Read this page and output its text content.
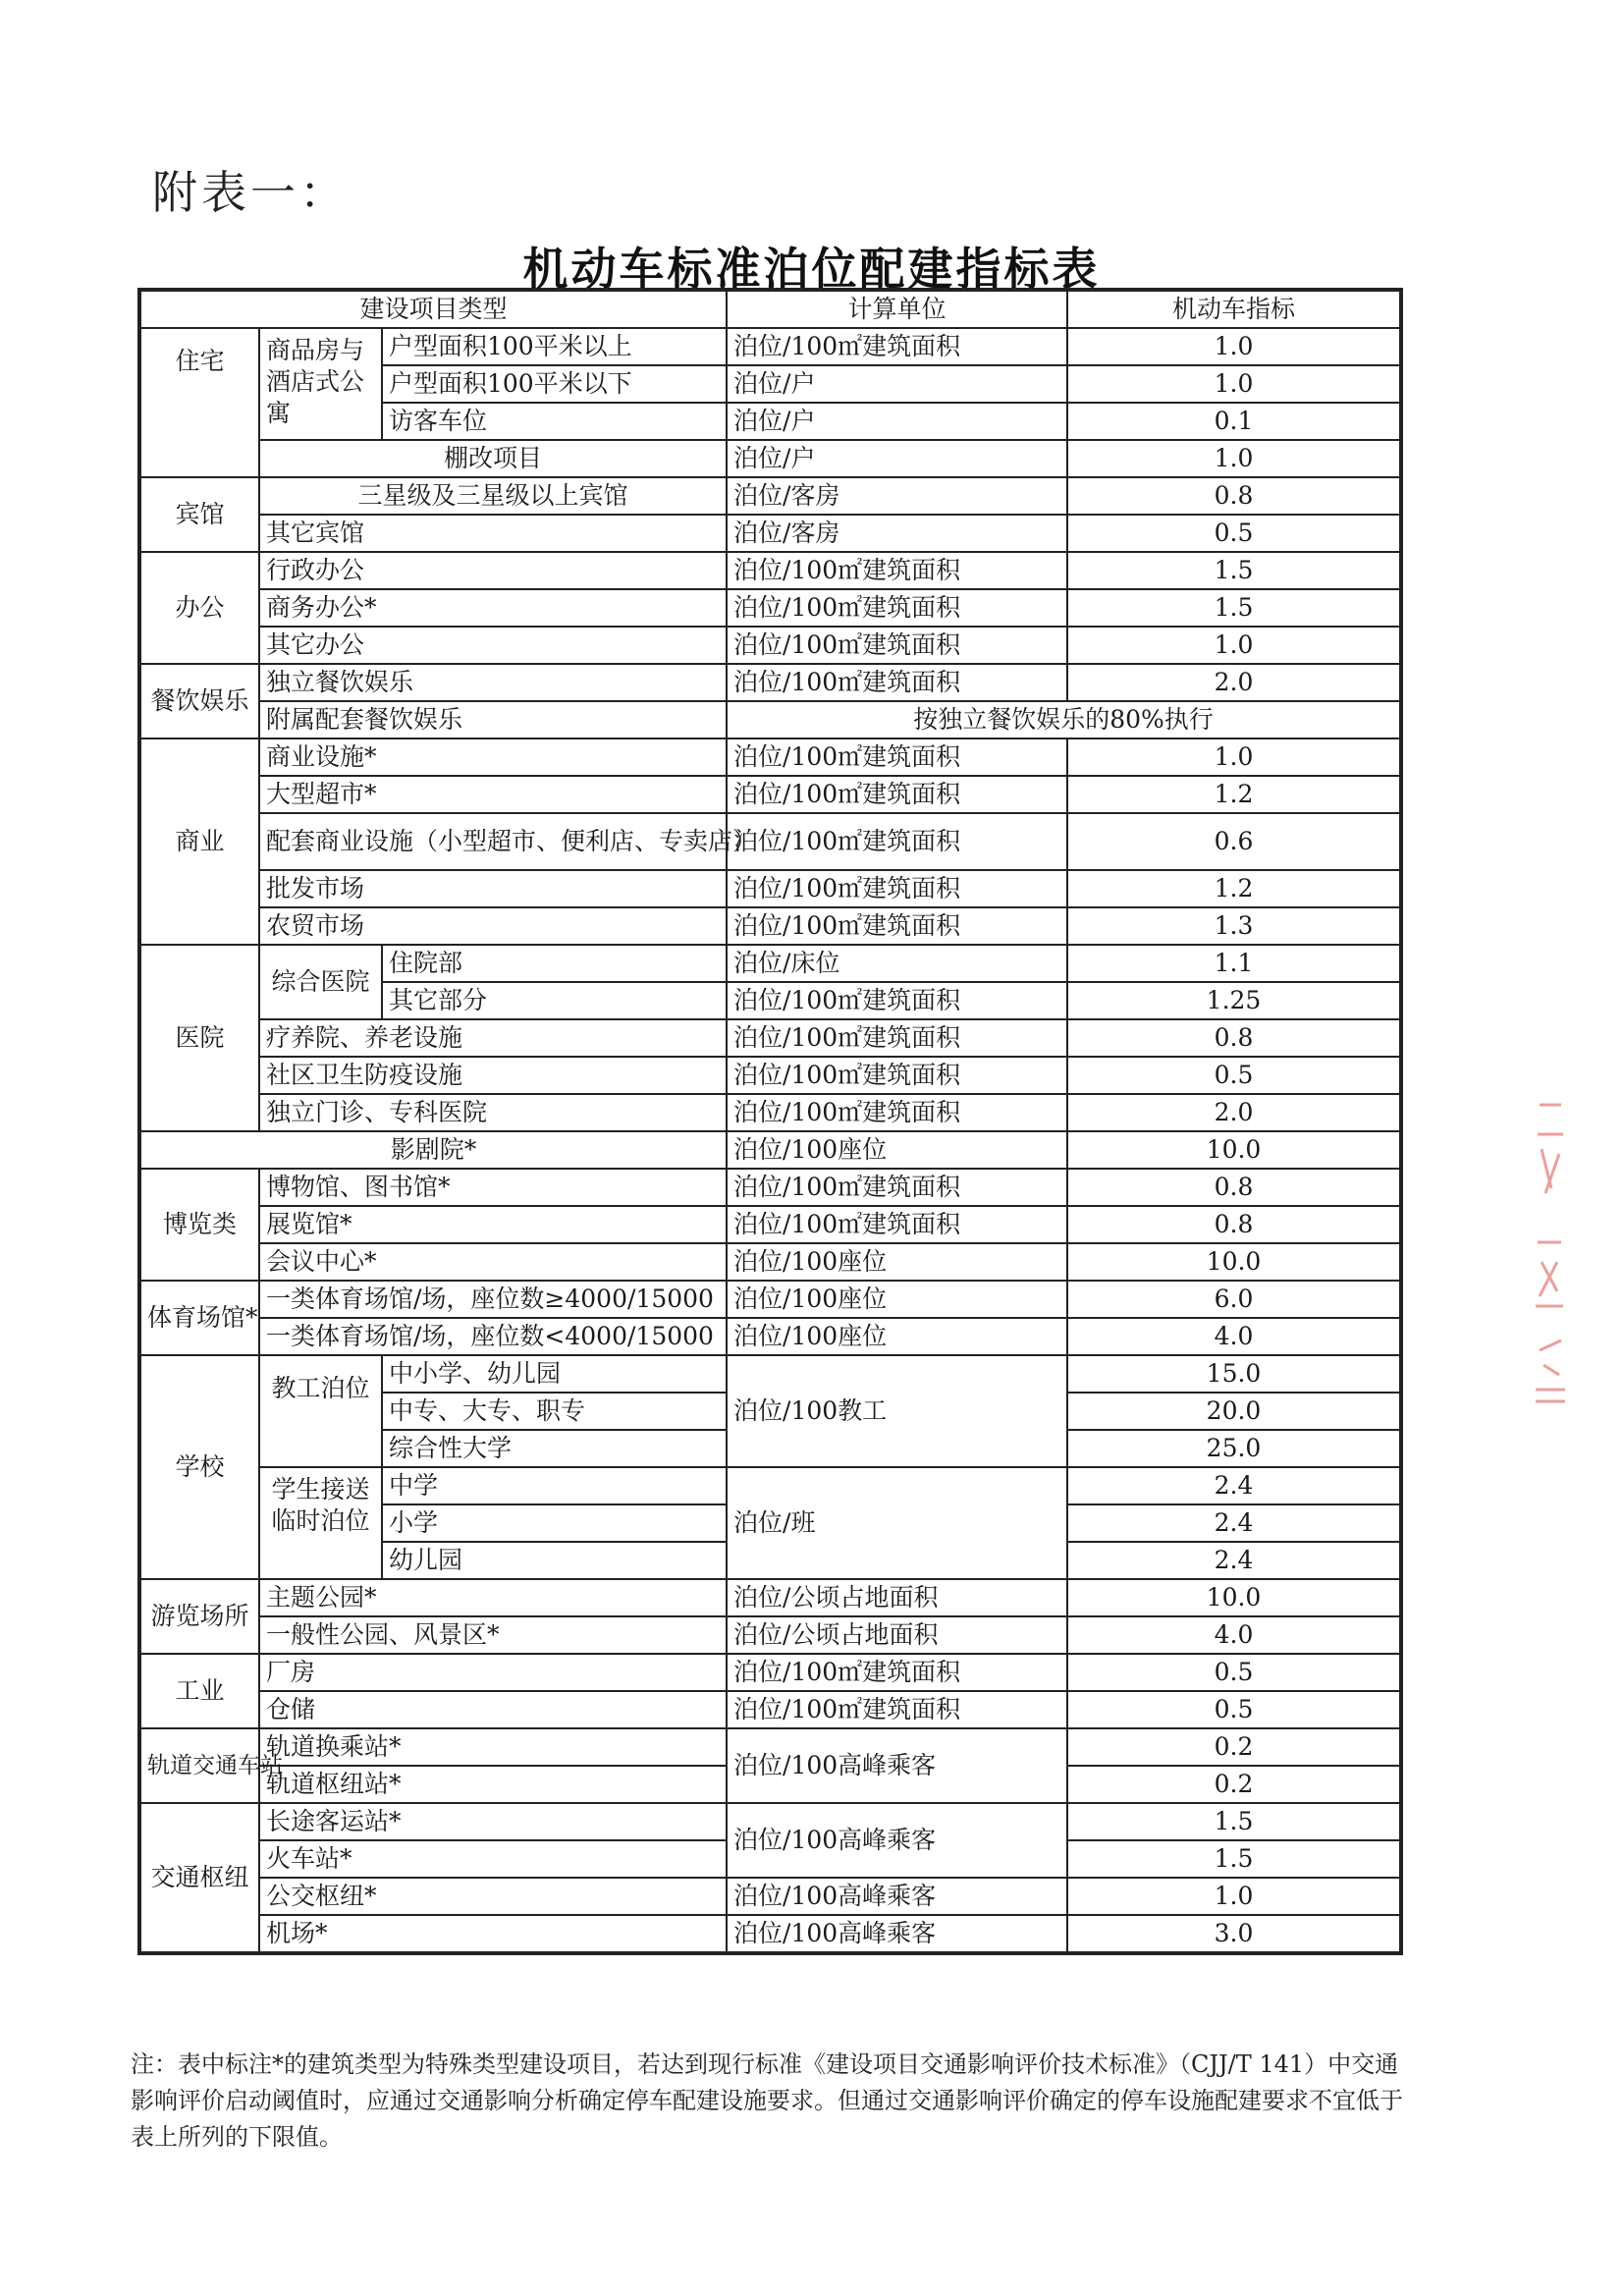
附表一：
机动车标准泊位配建指标表
建设项目类型			计算单位	机动车指标
住宅	商品房与酒店式公寓	户型面积100平米以上	泊位/100㎡建筑面积	1.0
		户型面积100平米以下	泊位/户	1.0
		访客车位	泊位/户	0.1
	棚改项目		泊位/户	1.0
宾馆	三星级及三星级以上宾馆		泊位/客房	0.8
	其它宾馆		泊位/客房	0.5
办公	行政办公		泊位/100㎡建筑面积	1.5
	商务办公*		泊位/100㎡建筑面积	1.5
	其它办公		泊位/100㎡建筑面积	1.0
餐饮娱乐	独立餐饮娱乐		泊位/100㎡建筑面积	2.0
	附属配套餐饮娱乐		按独立餐饮娱乐的80%执行	
商业	商业设施*		泊位/100㎡建筑面积	1.0
	大型超市*		泊位/100㎡建筑面积	1.2
	配套商业设施（小型超市、便利店、专卖店）		泊位/100㎡建筑面积	0.6
	批发市场		泊位/100㎡建筑面积	1.2
	农贸市场		泊位/100㎡建筑面积	1.3
医院	综合医院	住院部	泊位/床位	1.1
		其它部分	泊位/100㎡建筑面积	1.25
	疗养院、养老设施		泊位/100㎡建筑面积	0.8
	社区卫生防疫设施		泊位/100㎡建筑面积	0.5
	独立门诊、专科医院		泊位/100㎡建筑面积	2.0
影剧院*			泊位/100座位	10.0
博览类	博物馆、图书馆*		泊位/100㎡建筑面积	0.8
	展览馆*		泊位/100㎡建筑面积	0.8
	会议中心*		泊位/100座位	10.0
体育场馆*	一类体育场馆/场，座位数≥4000/15000		泊位/100座位	6.0
	一类体育场馆/场，座位数<4000/15000		泊位/100座位	4.0
学校	教工泊位	中小学、幼儿园	泊位/100教工	15.0
		中专、大专、职专		20.0
		综合性大学		25.0
	学生接送临时泊位	中学	泊位/班	2.4
		小学		2.4
		幼儿园		2.4
游览场所	主题公园*		泊位/公顷占地面积	10.0
	一般性公园、风景区*		泊位/公顷占地面积	4.0
工业	厂房		泊位/100㎡建筑面积	0.5
	仓储		泊位/100㎡建筑面积	0.5
轨道交通车站	轨道换乘站*		泊位/100高峰乘客	0.2
	轨道枢纽站*			0.2
交通枢纽	长途客运站*		泊位/100高峰乘客	1.5
	火车站*			1.5
	公交枢纽*		泊位/100高峰乘客	1.0
	机场*		泊位/100高峰乘客	3.0
注：表中标注*的建筑类型为特殊类型建设项目，若达到现行标准《建设项目交通影响评价技术标准》（CJJ/T 141）中交通影响评价启动阈值时，应通过交通影响分析确定停车配建设施要求。但通过交通影响评价确定的停车设施配建要求不宜低于表上所列的下限值。
